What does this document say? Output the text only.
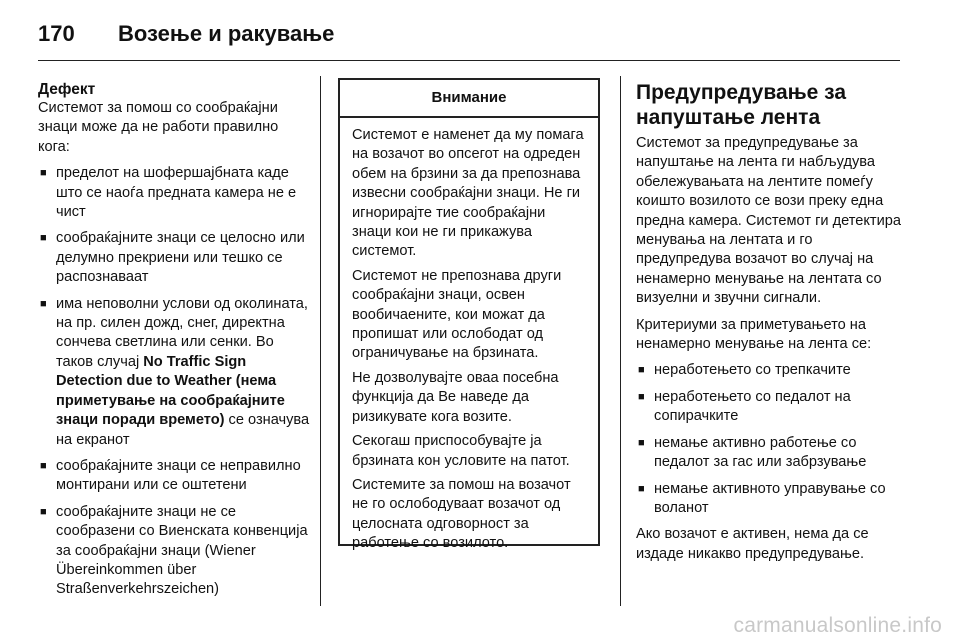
170	Возење и ракување
Дефект

Системот за помош со сообраќајни знаци може да не работи правилно кога:

■ пределот на шофершајбната каде што се наоѓа предната камера не е чист
■ сообраќајните знаци се целосно или делумно прекриени или тешко се распознаваат
■ има неповолни услови од околината, на пр. силен дожд, снег, директна сончева светлина или сенки. Во таков случај No Traffic Sign Detection due to Weather (нема приметување на сообраќајните знаци поради времето) се означува на екранот
■ сообраќајните знаци се неправилно монтирани или се оштетени
■ сообраќајните знаци не се сообразени со Виенската конвенција за сообраќајни знаци (Wiener Übereinkommen über Straßenverkehrszeichen)
Внимание

Системот е наменет да му помага на возачот во опсегот на одреден обем на брзини за да препознава извесни сообраќајни знаци. Не ги игнорирајте тие сообраќајни знаци кои не ги прикажува системот.

Системот не препознава други сообраќајни знаци, освен вообичаените, кои можат да пропишат или ослободат од ограничување на брзината.

Не дозволувајте оваа посебна функција да Ве наведе да ризикувате кога возите.

Секогаш приспособувајте ја брзината кон условите на патот.

Системите за помош на возачот не го ослободуваат возачот од целосната одговорност за работење со возилото.

Предупредување за напуштање лента

Системот за предупредување за напуштање на лента ги набљудува обележувањата на лентите помеѓу коишто возилото се вози преку една предна камера. Системот ги детектира менувања на лентата и го предупредува возачот во случај на ненамерно менување на лентата со визуелни и звучни сигнали.

Критериуми за приметувањето на ненамерно менување на лента се:

■ неработењето со трепкачите
■ неработењето со педалот на сопирачките
■ немање активно работење со педалот за гас или забрзување
■ немање активното управување со воланот

Ако возачот е активен, нема да се издаде никакво предупредување.

carmanualsonline.info
